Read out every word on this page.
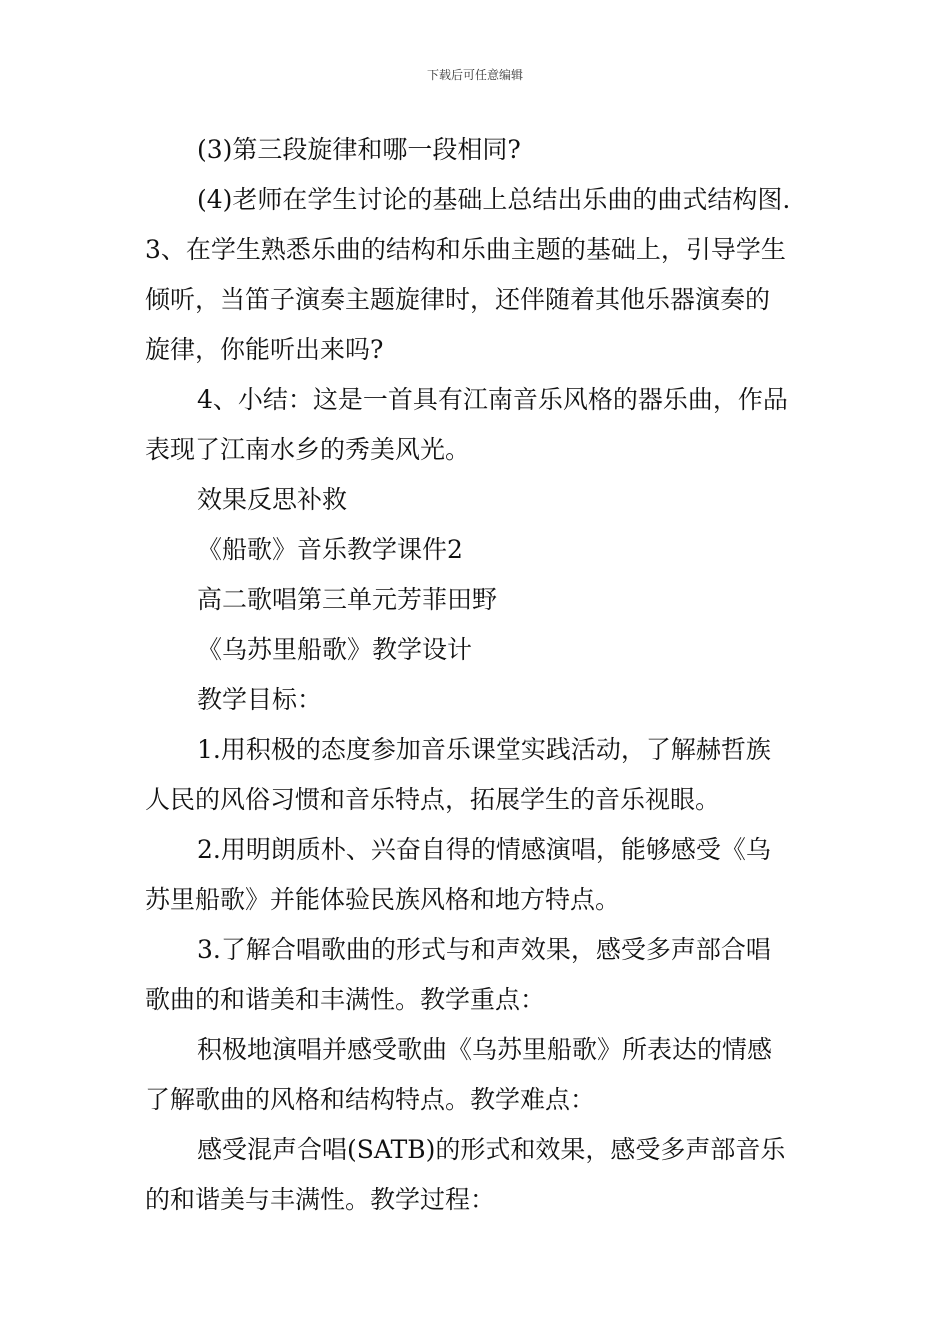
下载后可任意编辑
(3)第三段旋律和哪一段相同?
(4)老师在学生讨论的基础上总结出乐曲的曲式结构图.
3、在学生熟悉乐曲的结构和乐曲主题的基础上，引导学生
倾听，当笛子演奏主题旋律时，还伴随着其他乐器演奏的
旋律，你能听出来吗?
4、小结：这是一首具有江南音乐风格的器乐曲，作品
表现了江南水乡的秀美风光。
效果反思补救
《船歌》音乐教学课件2
高二歌唱第三单元芳菲田野
《乌苏里船歌》教学设计
教学目标：
1.用积极的态度参加音乐课堂实践活动，了解赫哲族
人民的风俗习惯和音乐特点，拓展学生的音乐视眼。
2.用明朗质朴、兴奋自得的情感演唱，能够感受《乌
苏里船歌》并能体验民族风格和地方特点。
3.了解合唱歌曲的形式与和声效果，感受多声部合唱
歌曲的和谐美和丰满性。教学重点：
积极地演唱并感受歌曲《乌苏里船歌》所表达的情感
了解歌曲的风格和结构特点。教学难点：
感受混声合唱(SATB)的形式和效果，感受多声部音乐
的和谐美与丰满性。教学过程：
